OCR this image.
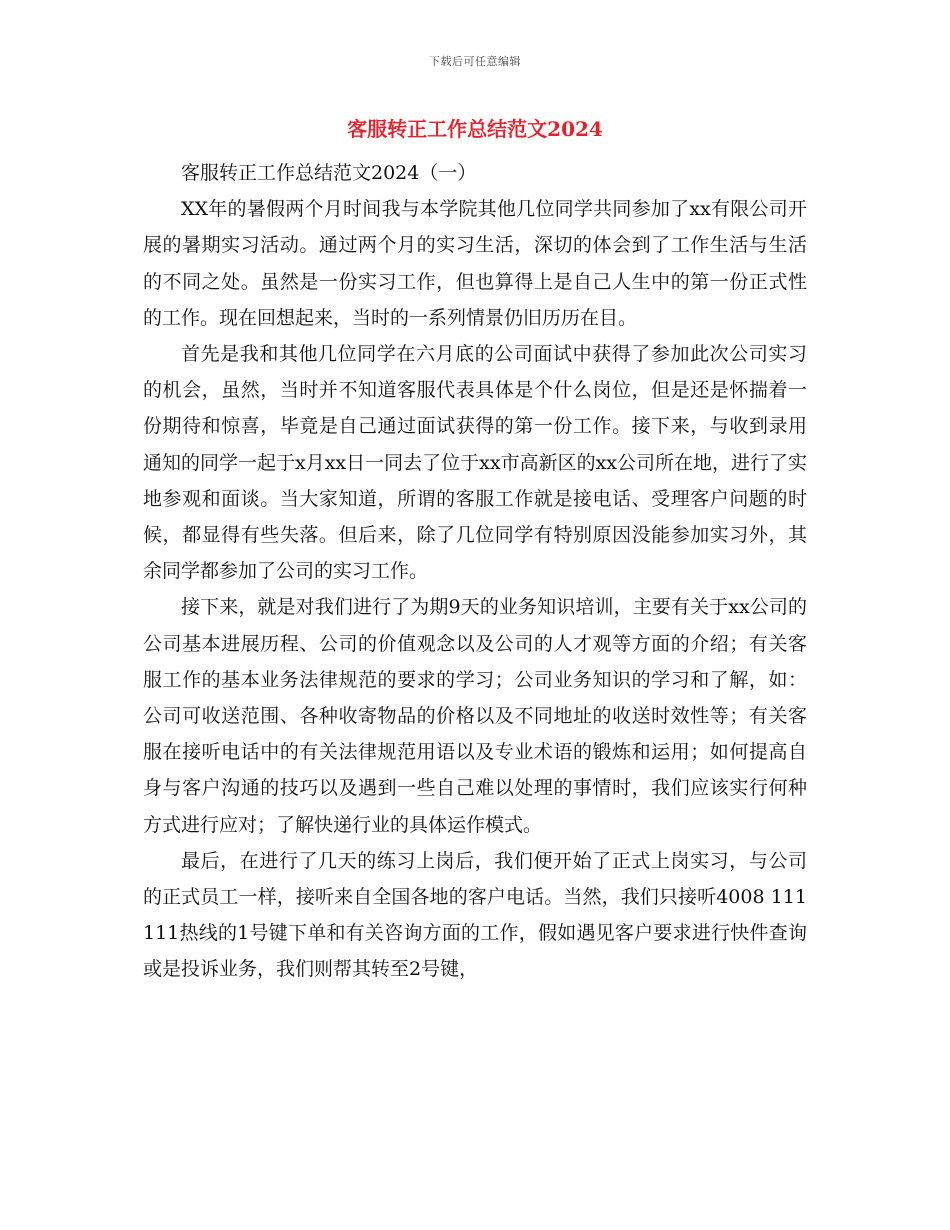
下载后可任意编辑
客服转正工作总结范文2024

客服转正工作总结范文2024（一）

XX年的暑假两个月时间我与本学院其他几位同学共同参加了xx有限公司开展的暑期实习活动。通过两个月的实习生活，深切的体会到了工作生活与生活的不同之处。虽然是一份实习工作，但也算得上是自己人生中的第一份正式性的工作。现在回想起来，当时的一系列情景仍旧历历在目。

首先是我和其他几位同学在六月底的公司面试中获得了参加此次公司实习的机会，虽然，当时并不知道客服代表具体是个什么岗位，但是还是怀揣着一份期待和惊喜，毕竟是自己通过面试获得的第一份工作。接下来，与收到录用通知的同学一起于x月xx日一同去了位于xx市高新区的xx公司所在地，进行了实地参观和面谈。当大家知道，所谓的客服工作就是接电话、受理客户问题的时候，都显得有些失落。但后来，除了几位同学有特别原因没能参加实习外，其余同学都参加了公司的实习工作。

接下来，就是对我们进行了为期9天的业务知识培训，主要有关于xx公司的公司基本进展历程、公司的价值观念以及公司的人才观等方面的介绍；有关客服工作的基本业务法律规范的要求的学习；公司业务知识的学习和了解，如：公司可收送范围、各种收寄物品的价格以及不同地址的收送时效性等；有关客服在接听电话中的有关法律规范用语以及专业术语的锻炼和运用；如何提高自身与客户沟通的技巧以及遇到一些自己难以处理的事情时，我们应该实行何种方式进行应对；了解快递行业的具体运作模式。

最后，在进行了几天的练习上岗后，我们便开始了正式上岗实习，与公司的正式员工一样，接听来自全国各地的客户电话。当然，我们只接听4008 111 111热线的1号键下单和有关咨询方面的工作，假如遇见客户要求进行快件查询或是投诉业务，我们则帮其转至2号键，
